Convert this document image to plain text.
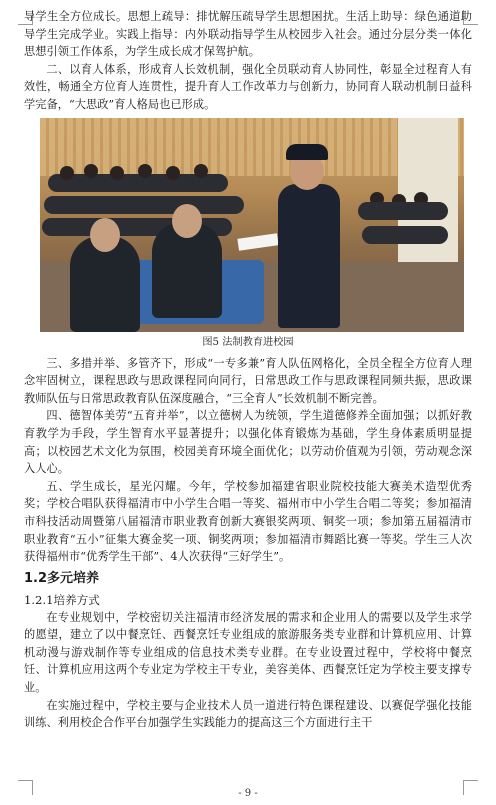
导学生全方位成长。思想上疏导：排忧解压疏导学生思想困扰。生活上助导：绿色通道助导学生完成学业。实践上指导：内外联动指导学生从校园步入社会。通过分层分类一体化思想引领工作体系，为学生成长成才保驾护航。

二、以育人体系，形成育人长效机制，强化全员联动育人协同性，彰显全过程育人有效性，畅通全方位育人连贯性，提升育人工作改革力与创新力，协同育人联动机制日益科学完备，“大思政”育人格局也已形成。

图5 法制教育进校园

三、多措并举、多管齐下，形成“一专多兼”育人队伍网格化，全员全程全方位育人理念牢固树立，课程思政与思政课程同向同行，日常思政工作与思政课程同频共振，思政课教师队伍与日常思政教育队伍深度融合，“三全育人”长效机制不断完善。

四、德智体美劳“五育并举”，以立德树人为统领，学生道德修养全面加强；以抓好教育教学为手段，学生智育水平显著提升；以强化体育锻炼为基础，学生身体素质明显提高；以校园艺术文化为氛围，校园美育环境全面优化；以劳动价值观为引领，劳动观念深入人心。

五、学生成长，星光闪耀。今年，学校参加福建省职业院校技能大赛美术造型优秀奖；学校合唱队获得福清市中小学生合唱一等奖、福州市中小学生合唱二等奖；参加福清市科技活动周暨第八届福清市职业教育创新大赛银奖两项、铜奖一项；参加第五届福清市职业教育“五小”征集大赛金奖一项、铜奖两项；参加福清市舞蹈比赛一等奖。学生三人次获得福州市“优秀学生干部”、4人次获得“三好学生”。

1.2多元培养
1.2.1培养方式

在专业规划中，学校密切关注福清市经济发展的需求和企业用人的需要以及学生求学的愿望，建立了以中餐烹饪、西餐烹饪专业组成的旅游服务类专业群和计算机应用、计算机动漫与游戏制作等专业组成的信息技术类专业群。在专业设置过程中，学校将中餐烹饪、计算机应用这两个专业定为学校主干专业，美容美体、西餐烹饪定为学校主要支撑专业。

在实施过程中，学校主要与企业技术人员一道进行特色课程建设、以赛促学强化技能训练、利用校企合作平台加强学生实践能力的提高这三个方面进行主干

- 9 -
